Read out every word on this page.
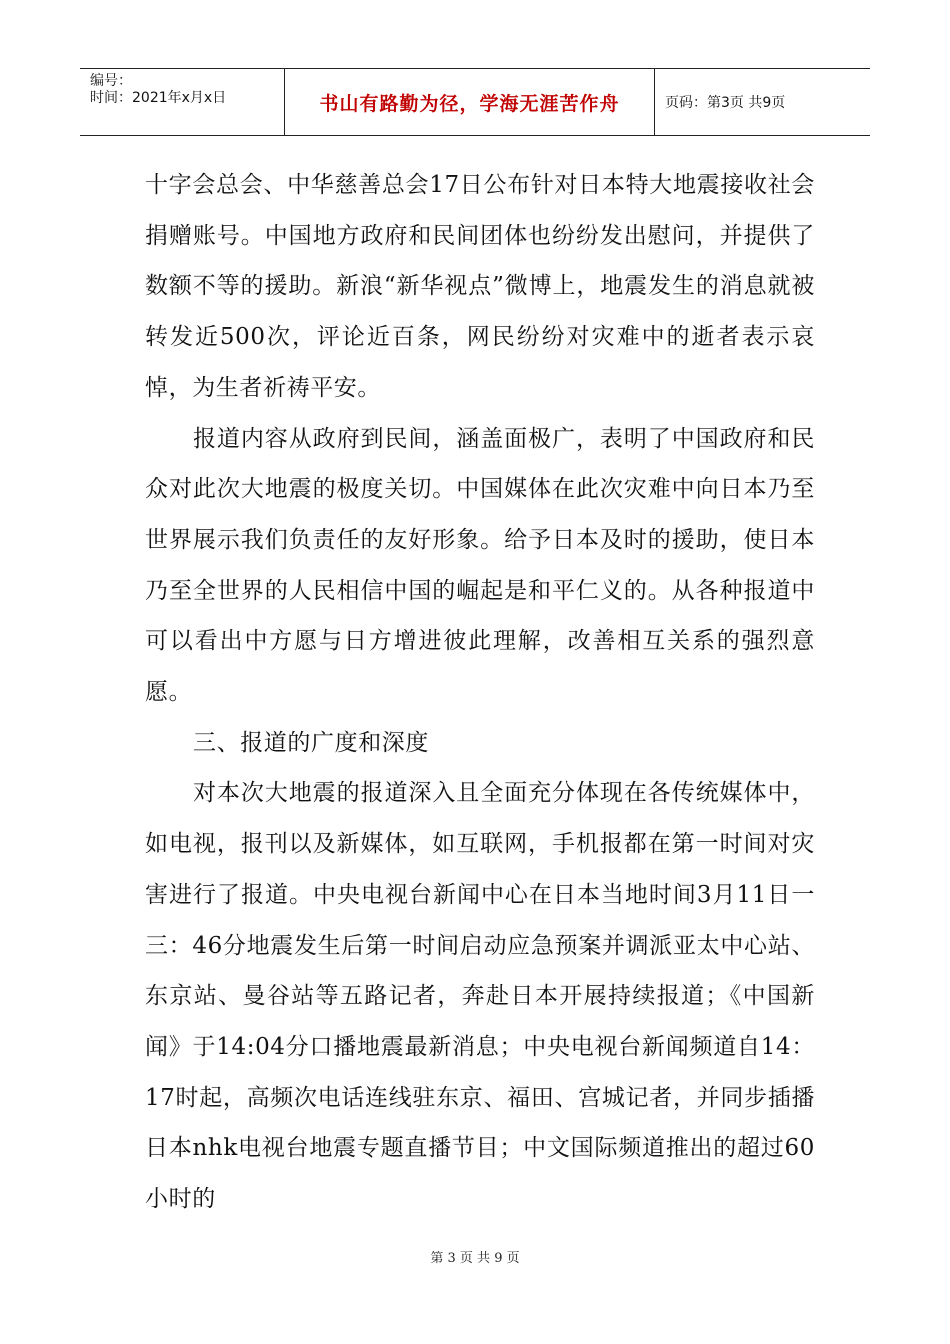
编号：
时间：2021年x月x日	书山有路勤为径，学海无涯苦作舟	页码：第3页 共9页

十字会总会、中华慈善总会17日公布针对日本特大地震接收社会捐赠账号。中国地方政府和民间团体也纷纷发出慰问，并提供了数额不等的援助。新浪“新华视点”微博上，地震发生的消息就被转发近500次，评论近百条，网民纷纷对灾难中的逝者表示哀悼，为生者祈祷平安。

报道内容从政府到民间，涵盖面极广，表明了中国政府和民众对此次大地震的极度关切。中国媒体在此次灾难中向日本乃至世界展示我们负责任的友好形象。给予日本及时的援助，使日本乃至全世界的人民相信中国的崛起是和平仁义的。从各种报道中可以看出中方愿与日方增进彼此理解，改善相互关系的强烈意愿。

三、报道的广度和深度

对本次大地震的报道深入且全面充分体现在各传统媒体中，如电视，报刊以及新媒体，如互联网，手机报都在第一时间对灾害进行了报道。中央电视台新闻中心在日本当地时间3月11日一三：46分地震发生后第一时间启动应急预案并调派亚太中心站、东京站、曼谷站等五路记者，奔赴日本开展持续报道；《中国新闻》于14:04分口播地震最新消息；中央电视台新闻频道自14：17时起，高频次电话连线驻东京、福田、宫城记者，并同步插播日本nhk电视台地震专题直播节目；中文国际频道推出的超过60小时的

第 3 页 共 9 页
